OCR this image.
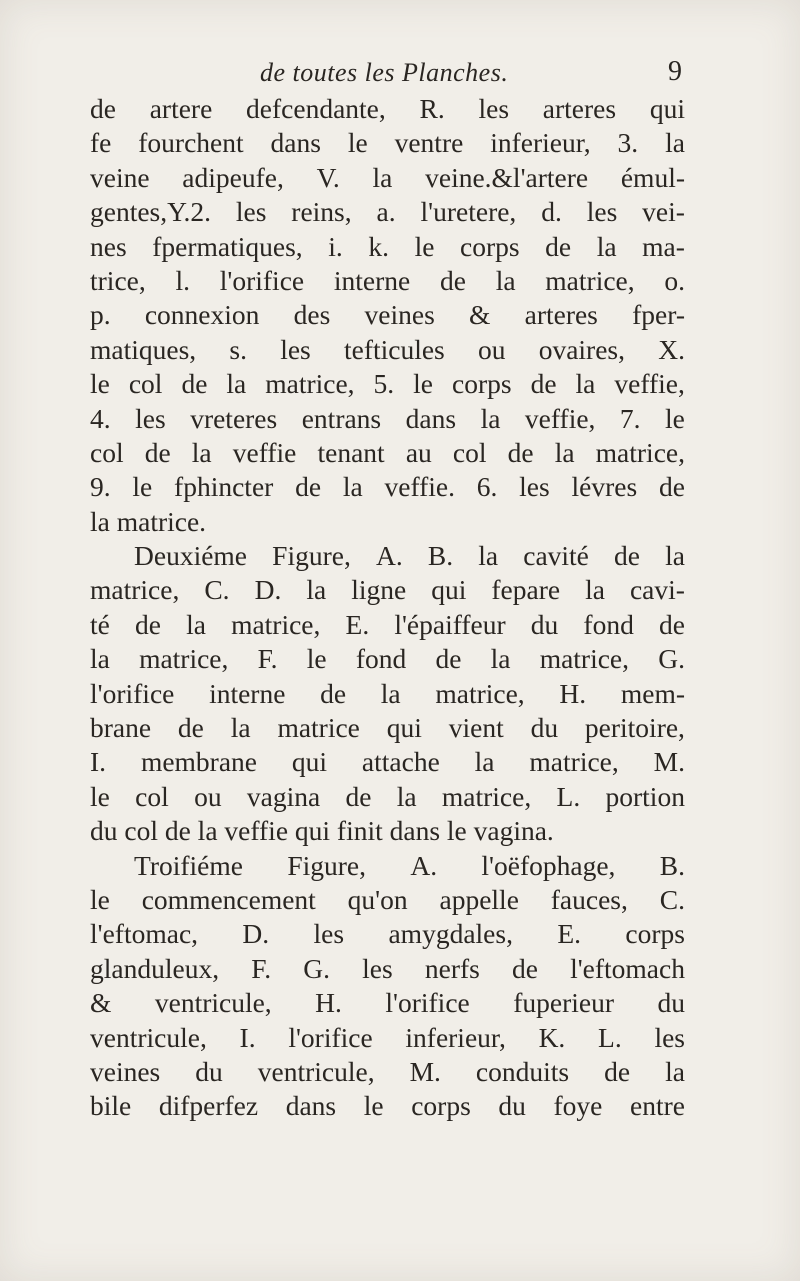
de toutes les Planches.	9
de artere defcendante, R. les arteres qui
fe fourchent dans le ventre inferieur, 3. la
veine adipeufe, V. la veine.&l'artere émul-
gentes,Y.2. les reins, a. l'uretere, d. les vei-
nes fpermatiques, i. k. le corps de la ma-
trice, l. l'orifice interne de la matrice, o.
p. connexion des veines & arteres fper-
matiques, s. les tefticules ou ovaires, X.
le col de la matrice, 5. le corps de la veffie,
4. les vreteres entrans dans la veffie, 7. le
col de la veffie tenant au col de la matrice,
9. le fphincter de la veffie. 6. les lévres de
la matrice.
Deuxiéme Figure, A. B. la cavité de la
matrice, C. D. la ligne qui fepare la cavi-
té de la matrice, E. l'épaiffeur du fond de
la matrice, F. le fond de la matrice, G.
l'orifice interne de la matrice, H. mem-
brane de la matrice qui vient du peritoire,
I. membrane qui attache la matrice, M.
le col ou vagina de la matrice, L. portion
du col de la veffie qui finit dans le vagina.
Troifiéme Figure, A. l'oëfophage, B.
le commencement qu'on appelle fauces, C.
l'eftomac, D. les amygdales, E. corps
glanduleux, F. G. les nerfs de l'eftomach
& ventricule, H. l'orifice fuperieur du
ventricule, I. l'orifice inferieur, K. L. les
veines du ventricule, M. conduits de la
bile difperfez dans le corps du foye entre
